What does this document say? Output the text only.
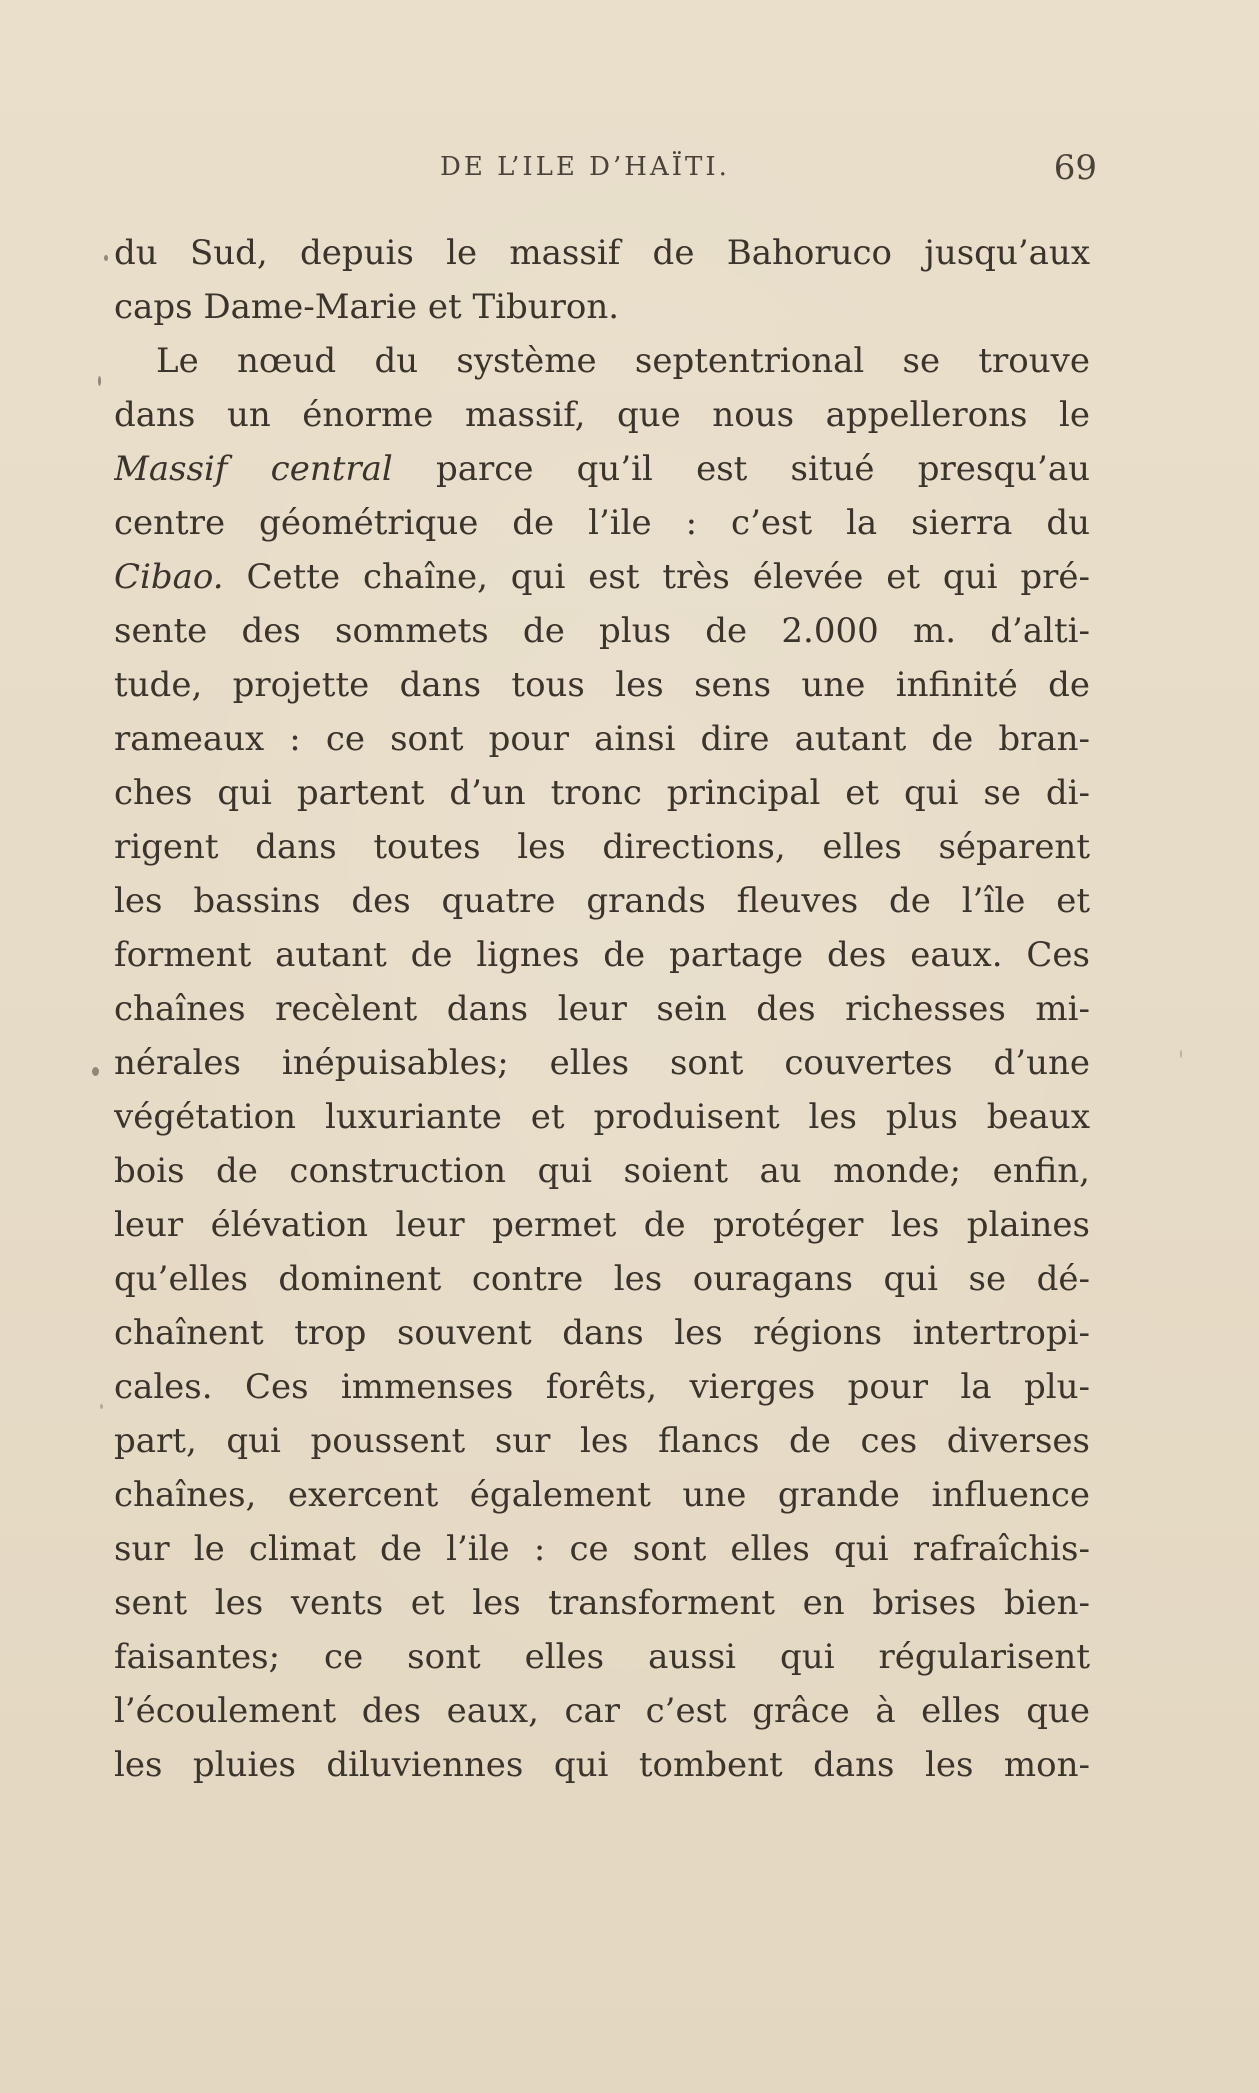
DE L’ILE D’HAÏTI.	69
du Sud, depuis le massif de Bahoruco jusqu’aux
caps Dame-Marie et Tiburon.
Le nœud du système septentrional se trouve
dans un énorme massif, que nous appellerons le
Massif central parce qu’il est situé presqu’au
centre géométrique de l’ile : c’est la sierra du
Cibao. Cette chaîne, qui est très élevée et qui pré-
sente des sommets de plus de 2.000 m. d’alti-
tude, projette dans tous les sens une infinité de
rameaux : ce sont pour ainsi dire autant de bran-
ches qui partent d’un tronc principal et qui se di-
rigent dans toutes les directions, elles séparent
les bassins des quatre grands fleuves de l’île et
forment autant de lignes de partage des eaux. Ces
chaînes recèlent dans leur sein des richesses mi-
nérales inépuisables; elles sont couvertes d’une
végétation luxuriante et produisent les plus beaux
bois de construction qui soient au monde; enfin,
leur élévation leur permet de protéger les plaines
qu’elles dominent contre les ouragans qui se dé-
chaînent trop souvent dans les régions intertropi-
cales. Ces immenses forêts, vierges pour la plu-
part, qui poussent sur les flancs de ces diverses
chaînes, exercent également une grande influence
sur le climat de l’ile : ce sont elles qui rafraîchis-
sent les vents et les transforment en brises bien-
faisantes; ce sont elles aussi qui régularisent
l’écoulement des eaux, car c’est grâce à elles que
les pluies diluviennes qui tombent dans les mon-
